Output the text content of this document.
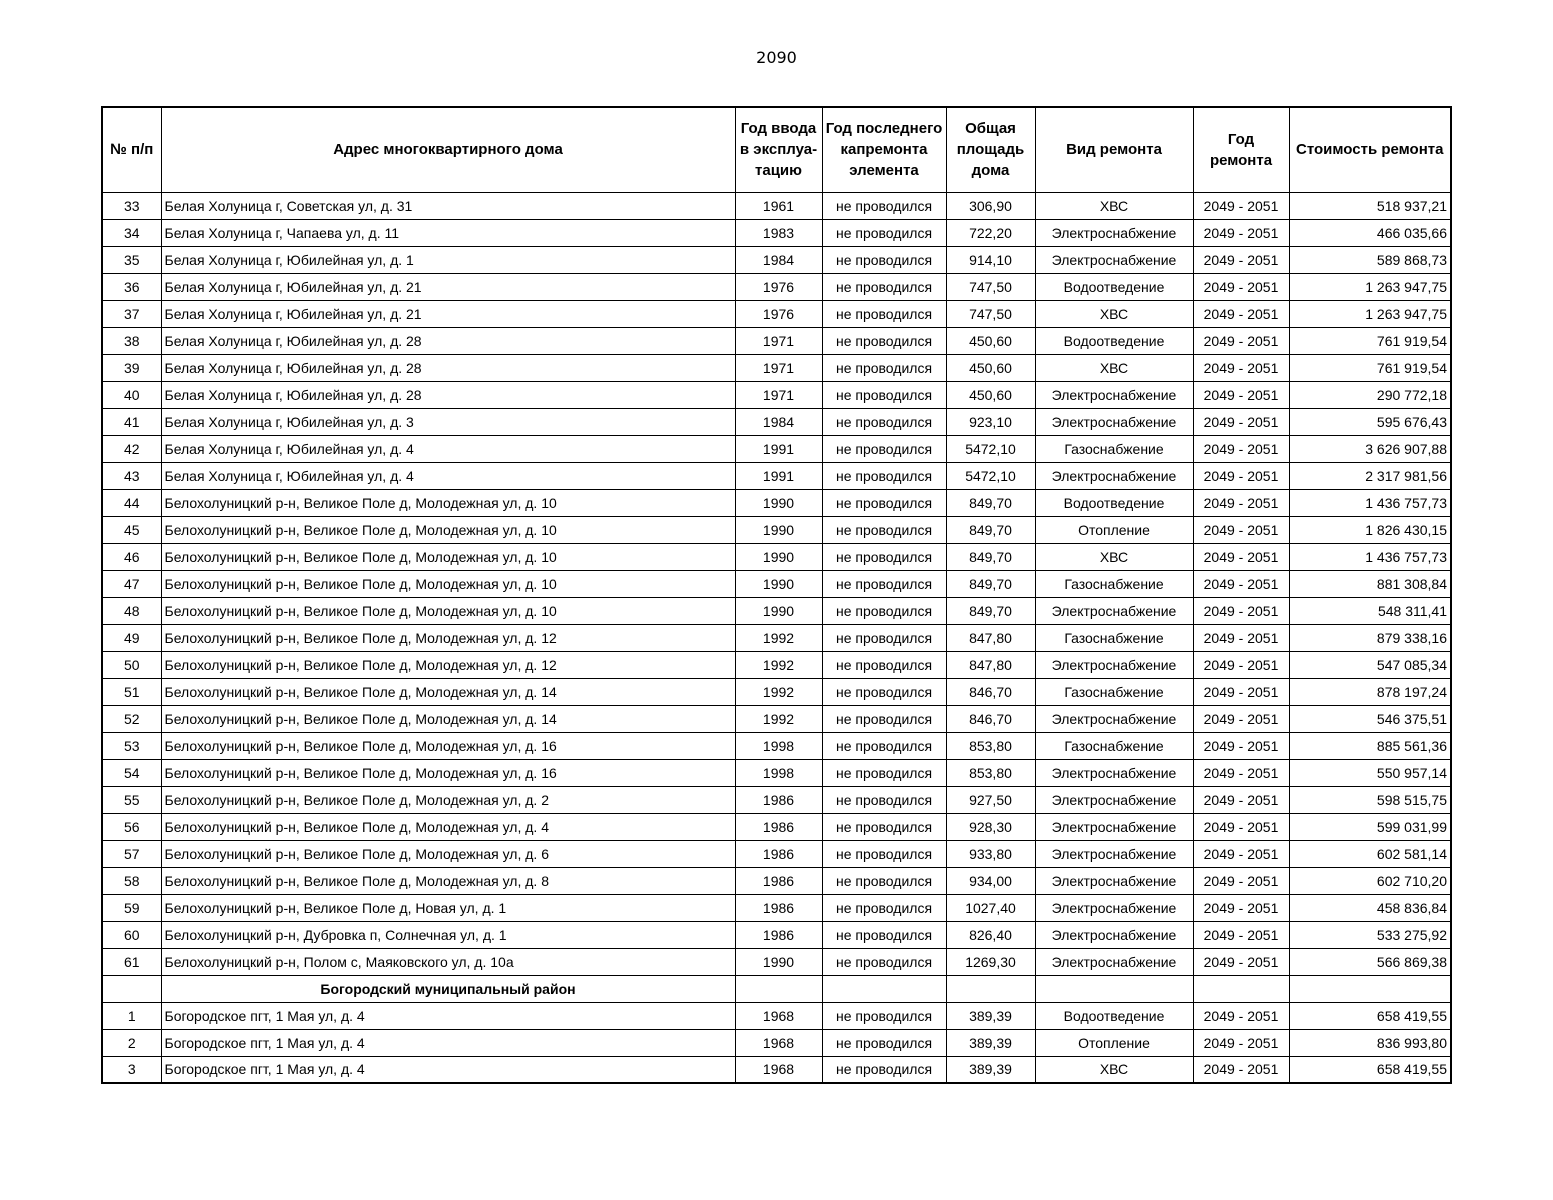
2090
№ п/п	Адрес многоквартирного дома	Год ввода в эксплуа-тацию	Год последнего капремонта элемента	Общая площадь дома	Вид ремонта	Год ремонта	Стоимость ремонта
33	Белая Холуница г, Советская ул, д. 31	1961	не проводился	306,90	ХВС	2049 - 2051	518 937,21
34	Белая Холуница г, Чапаева ул, д. 11	1983	не проводился	722,20	Электроснабжение	2049 - 2051	466 035,66
35	Белая Холуница г, Юбилейная ул, д. 1	1984	не проводился	914,10	Электроснабжение	2049 - 2051	589 868,73
36	Белая Холуница г, Юбилейная ул, д. 21	1976	не проводился	747,50	Водоотведение	2049 - 2051	1 263 947,75
37	Белая Холуница г, Юбилейная ул, д. 21	1976	не проводился	747,50	ХВС	2049 - 2051	1 263 947,75
38	Белая Холуница г, Юбилейная ул, д. 28	1971	не проводился	450,60	Водоотведение	2049 - 2051	761 919,54
39	Белая Холуница г, Юбилейная ул, д. 28	1971	не проводился	450,60	ХВС	2049 - 2051	761 919,54
40	Белая Холуница г, Юбилейная ул, д. 28	1971	не проводился	450,60	Электроснабжение	2049 - 2051	290 772,18
41	Белая Холуница г, Юбилейная ул, д. 3	1984	не проводился	923,10	Электроснабжение	2049 - 2051	595 676,43
42	Белая Холуница г, Юбилейная ул, д. 4	1991	не проводился	5472,10	Газоснабжение	2049 - 2051	3 626 907,88
43	Белая Холуница г, Юбилейная ул, д. 4	1991	не проводился	5472,10	Электроснабжение	2049 - 2051	2 317 981,56
44	Белохолуницкий р-н, Великое Поле д, Молодежная ул, д. 10	1990	не проводился	849,70	Водоотведение	2049 - 2051	1 436 757,73
45	Белохолуницкий р-н, Великое Поле д, Молодежная ул, д. 10	1990	не проводился	849,70	Отопление	2049 - 2051	1 826 430,15
46	Белохолуницкий р-н, Великое Поле д, Молодежная ул, д. 10	1990	не проводился	849,70	ХВС	2049 - 2051	1 436 757,73
47	Белохолуницкий р-н, Великое Поле д, Молодежная ул, д. 10	1990	не проводился	849,70	Газоснабжение	2049 - 2051	881 308,84
48	Белохолуницкий р-н, Великое Поле д, Молодежная ул, д. 10	1990	не проводился	849,70	Электроснабжение	2049 - 2051	548 311,41
49	Белохолуницкий р-н, Великое Поле д, Молодежная ул, д. 12	1992	не проводился	847,80	Газоснабжение	2049 - 2051	879 338,16
50	Белохолуницкий р-н, Великое Поле д, Молодежная ул, д. 12	1992	не проводился	847,80	Электроснабжение	2049 - 2051	547 085,34
51	Белохолуницкий р-н, Великое Поле д, Молодежная ул, д. 14	1992	не проводился	846,70	Газоснабжение	2049 - 2051	878 197,24
52	Белохолуницкий р-н, Великое Поле д, Молодежная ул, д. 14	1992	не проводился	846,70	Электроснабжение	2049 - 2051	546 375,51
53	Белохолуницкий р-н, Великое Поле д, Молодежная ул, д. 16	1998	не проводился	853,80	Газоснабжение	2049 - 2051	885 561,36
54	Белохолуницкий р-н, Великое Поле д, Молодежная ул, д. 16	1998	не проводился	853,80	Электроснабжение	2049 - 2051	550 957,14
55	Белохолуницкий р-н, Великое Поле д, Молодежная ул, д. 2	1986	не проводился	927,50	Электроснабжение	2049 - 2051	598 515,75
56	Белохолуницкий р-н, Великое Поле д, Молодежная ул, д. 4	1986	не проводился	928,30	Электроснабжение	2049 - 2051	599 031,99
57	Белохолуницкий р-н, Великое Поле д, Молодежная ул, д. 6	1986	не проводился	933,80	Электроснабжение	2049 - 2051	602 581,14
58	Белохолуницкий р-н, Великое Поле д, Молодежная ул, д. 8	1986	не проводился	934,00	Электроснабжение	2049 - 2051	602 710,20
59	Белохолуницкий р-н, Великое Поле д, Новая ул, д. 1	1986	не проводился	1027,40	Электроснабжение	2049 - 2051	458 836,84
60	Белохолуницкий р-н, Дубровка п, Солнечная ул, д. 1	1986	не проводился	826,40	Электроснабжение	2049 - 2051	533 275,92
61	Белохолуницкий р-н, Полом с, Маяковского ул, д. 10а	1990	не проводился	1269,30	Электроснабжение	2049 - 2051	566 869,38
	Богородский муниципальный район						
1	Богородское пгт, 1 Мая ул, д. 4	1968	не проводился	389,39	Водоотведение	2049 - 2051	658 419,55
2	Богородское пгт, 1 Мая ул, д. 4	1968	не проводился	389,39	Отопление	2049 - 2051	836 993,80
3	Богородское пгт, 1 Мая ул, д. 4	1968	не проводился	389,39	ХВС	2049 - 2051	658 419,55
